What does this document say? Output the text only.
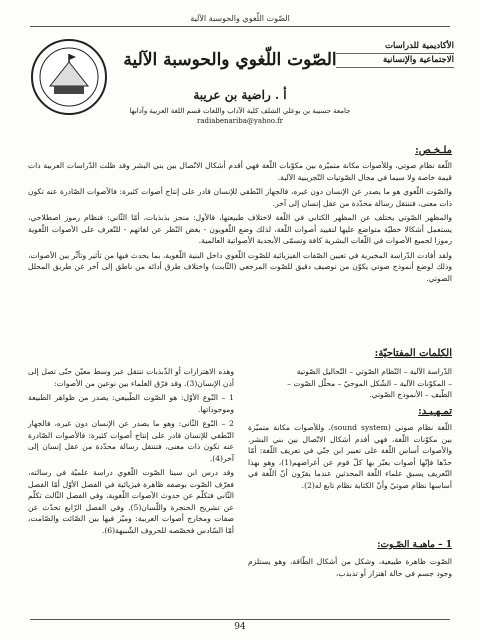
الصّوت اللّغوي والحوسبة الآلية
الأكاديمية للدراسات
الاجتماعية والإنسانية
الصّوت اللّغوي والحوسبة الآلية
أ . راضية بن عريبة
جامعة حسيبة بن بوعلي الشلف كلية الآداب واللغات قسم اللغة العربية وآدابها
radiabenariba@yahoo.fr
ملـخـص:

اللّغة نظام صوتي، وللأصوات مكانة متميّزة بين مكوّنات اللّغة فهي أقدم أشكال الاتّصال بين بني البشر وقد ظلت الدّراسات العربية ذات قيمة خاصة ولا سيما في مجال الصّوتيات التّجريبية الآلية.

والصّوت اللّغوي هو ما يصدر عن الإنسان دون غيره، فالجهاز النّطقي للإنسان قادر على إنتاج أصوات كثيرة: فالأصوات الصّادرة عنه تكون ذات معنى، فتنتقل رسالة محدّدة من عقل إنسان إلى آخر.

والمظهر الصّوتي يختلف عن المظهر الكتابي في اللّغة لاختلاف طبيعتها، فالأول: منجز بذبذبات، أمّا الثّاني: فنظام رموز اصطلاحي، يستعمل أشكالا خطيّة متواضع عليها لتقييد أصوات اللّغة، لذلك وضع اللّغويون - بغض النّظر عن لغاتهم - للتّعرف على الأصوات اللّغوية رموزا لجميع الأصوات في اللّغات البشرية كافة وتسمّى الأبجدية الأصواتية العالمية.

ولقد أفادت الدّراسة المخبرية في تعيين الصّفات الفيزيائية للصّوت اللّغوي داخل البنية اللّغوية، بما يحدث فيها من تأثير وتأثّر بين الأصوات، وذلك لوضع أنموذج صوتي يكوّن من توصيف دقيق للصّوت المرجعي (الثّابت) واختلاف طرق أدائه من ناطق إلى آخر عن طريق المحلل الصوتي.

الكلمات المفتاحيّة:
الدّراسة الآلية – النّظام الصّوتي – التّحاليل الصّوتية
– المكوّنات الآلية – الشّكل الموجيّ – محلّل الصّوت –
الطّيف – الأنموذج الصّوتي.
تمـهـيـد:

اللّغة نظام صوتي (sound system)، وللأصوات مكانة متميّزة بين مكوّنات اللّغة، فهي أقدم أشكال الاتّصال بين بني البشر. والأصوات أساس اللّغة على تعبير ابن جنّي في تعريف اللّغة: أمّا حدّها فإنّها أصوات يعبّر بها كلّ قوم عن أغراضهم(1)، وهو بهذا التّعريف يسبق علماء اللّغة المحدثين عندما يقرّون أنّ اللّغة في أساسها نظام صوتيّ وأنّ الكتابة نظام تابع له(2).

1 – ماهيـة الصّـوت:

الصّوت ظاهرة طبيعية، وشكل من أشكال الطّاقة، وهو يستلزم وجود جسم في حالة اهتزاز أو تذبذب،

وهذه الاهتزازات أو الذّبذبات تنتقل عبر وسط معيّن حتّى تصل إلى أذن الإنسان(3). وقد فرّق العلماء بين نوعين من الأصوات:

1 – النّوع الأوّل: هو الصّوت الطّبيعي: يصدر من ظواهر الطبيعة وموجوداتها.

2 – النّوع الثّاني: وهو ما يصدر عن الإنسان دون غيره، فالجهاز النّطقي للإنسان قادر على إنتاج أصوات كثيرة: فالأصوات الصّادرة عنه تكون ذات معنى، فتنتقل رسالة محدّدة من عقل إنسان إلى آخر(4).

وقد درس ابن سينا الصّوت اللّغوي دراسة علميّة في رسالته، فعرّف الصّوت بوصفه ظاهرة فيزيائية في الفصل الأوّل أمّا الفصل الثّاني فتكلّم عن حدوث الأصوات اللّغوية، وفي الفصل الثّالث تكلّم عن تشريح الحنجرة واللّسان(5). وفي الفصل الرّابع تحدّث عن صفات ومخارج أصوات العربية: وميّز فيها بين الصّائت والصّامت، أمّا السّادس فخصّصه للحروف الشّبيهة(6).

94
